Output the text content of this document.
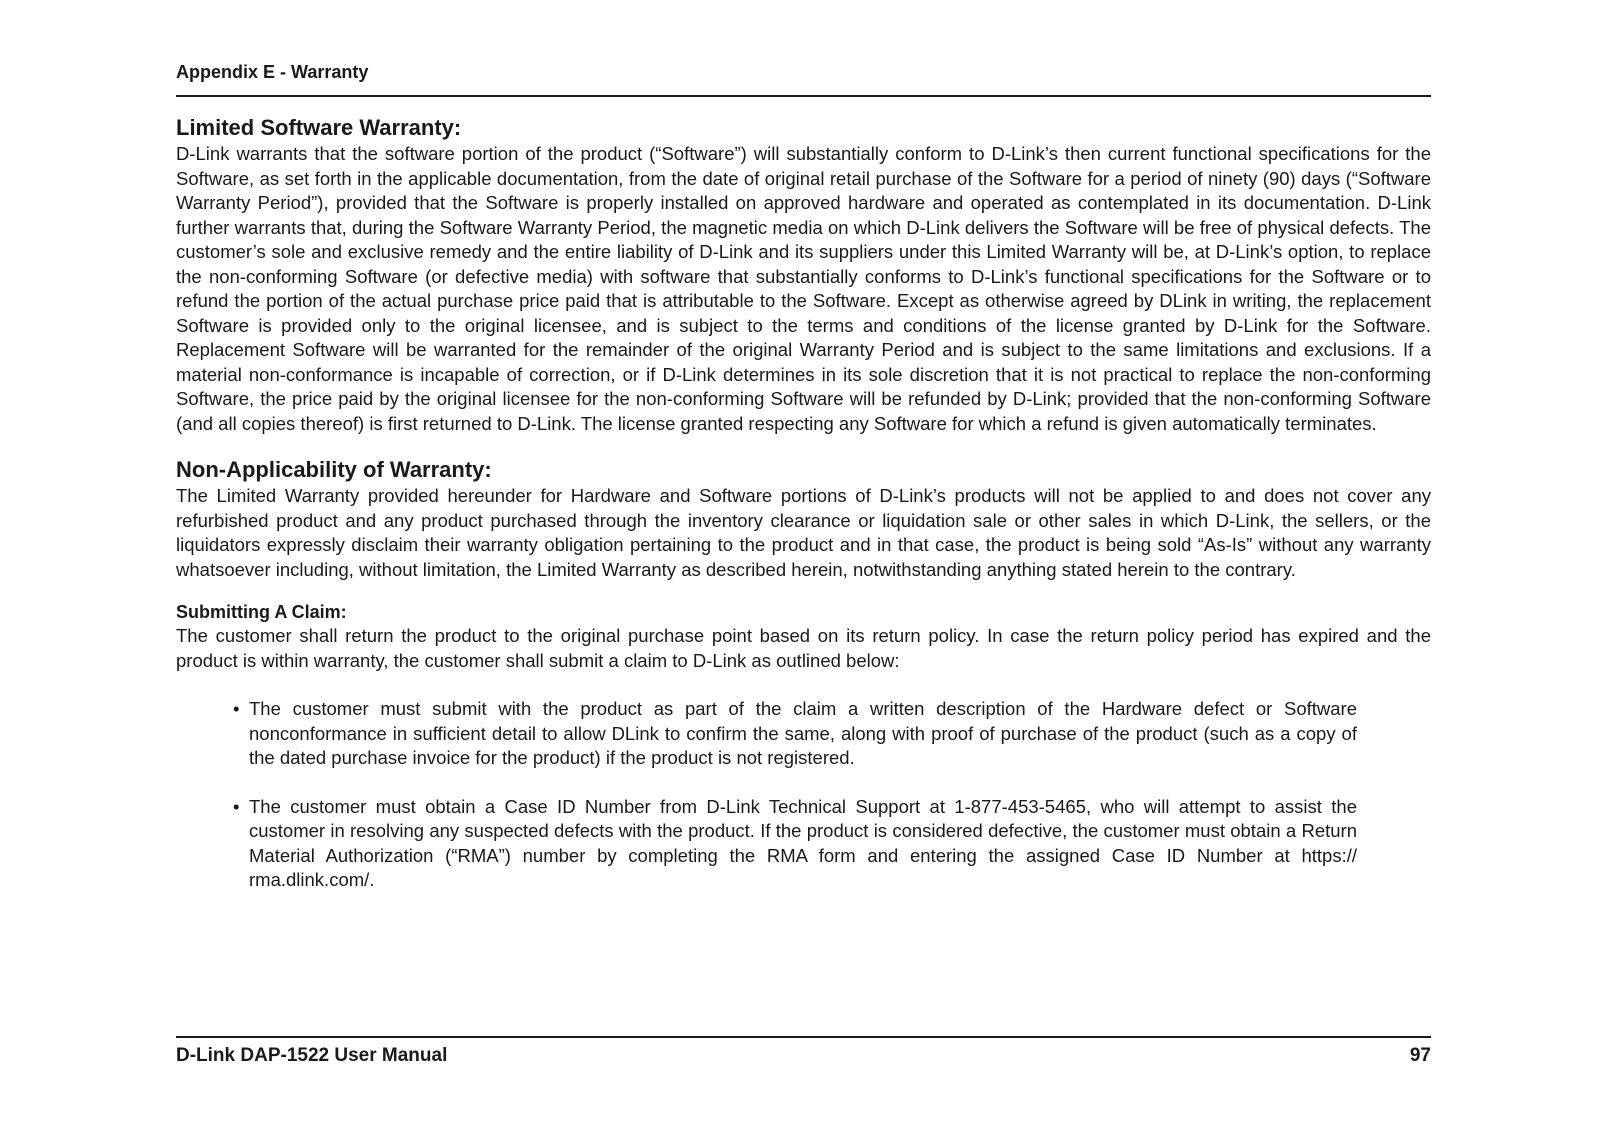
Appendix E - Warranty
Limited Software Warranty:

D-Link warrants that the software portion of the product (“Software”) will substantially conform to D-Link’s then current functional specifications for the Software, as set forth in the applicable documentation, from the date of original retail purchase of the Software for a period of ninety (90) days (“Software Warranty Period”), provided that the Software is properly installed on approved hardware and operated as contemplated in its documentation. D-Link further warrants that, during the Software Warranty Period, the magnetic media on which D-Link delivers the Software will be free of physical defects. The customer’s sole and exclusive remedy and the entire liability of D-Link and its suppliers under this Limited Warranty will be, at D-Link’s option, to replace the non-conforming Software (or defective media) with software that substantially conforms to D-Link’s functional specifications for the Software or to refund the portion of the actual purchase price paid that is attributable to the Software. Except as otherwise agreed by DLink in writing, the replacement Software is provided only to the original licensee, and is subject to the terms and conditions of the license granted by D-Link for the Software. Replacement Software will be warranted for the remainder of the original Warranty Period and is subject to the same limitations and exclusions. If a material non-conformance is incapable of correction, or if D-Link determines in its sole discretion that it is not practical to replace the non-conforming Software, the price paid by the original licensee for the non-conforming Software will be refunded by D-Link; provided that the non-conforming Software (and all copies thereof) is first returned to D-Link. The license granted respecting any Software for which a refund is given automatically terminates.

Non-Applicability of Warranty:

The Limited Warranty provided hereunder for Hardware and Software portions of D-Link’s products will not be applied to and does not cover any refurbished product and any product purchased through the inventory clearance or liquidation sale or other sales in which D-Link, the sellers, or the liquidators expressly disclaim their warranty obligation pertaining to the product and in that case, the product is being sold “As-Is” without any warranty whatsoever including, without limitation, the Limited Warranty as described herein, notwithstanding anything stated herein to the contrary.

Submitting A Claim:

The customer shall return the product to the original purchase point based on its return policy. In case the return policy period has expired and the product is within warranty, the customer shall submit a claim to D-Link as outlined below:

• The customer must submit with the product as part of the claim a written description of the Hardware defect or Software nonconformance in sufficient detail to allow DLink to confirm the same, along with proof of purchase of the product (such as a copy of the dated purchase invoice for the product) if the product is not registered.

• The customer must obtain a Case ID Number from D-Link Technical Support at 1-877-453-5465, who will attempt to assist the customer in resolving any suspected defects with the product. If the product is considered defective, the customer must obtain a Return Material Authorization (“RMA”) number by completing the RMA form and entering the assigned Case ID Number at https:// rma.dlink.com/.

D-Link DAP-1522 User Manual	97
